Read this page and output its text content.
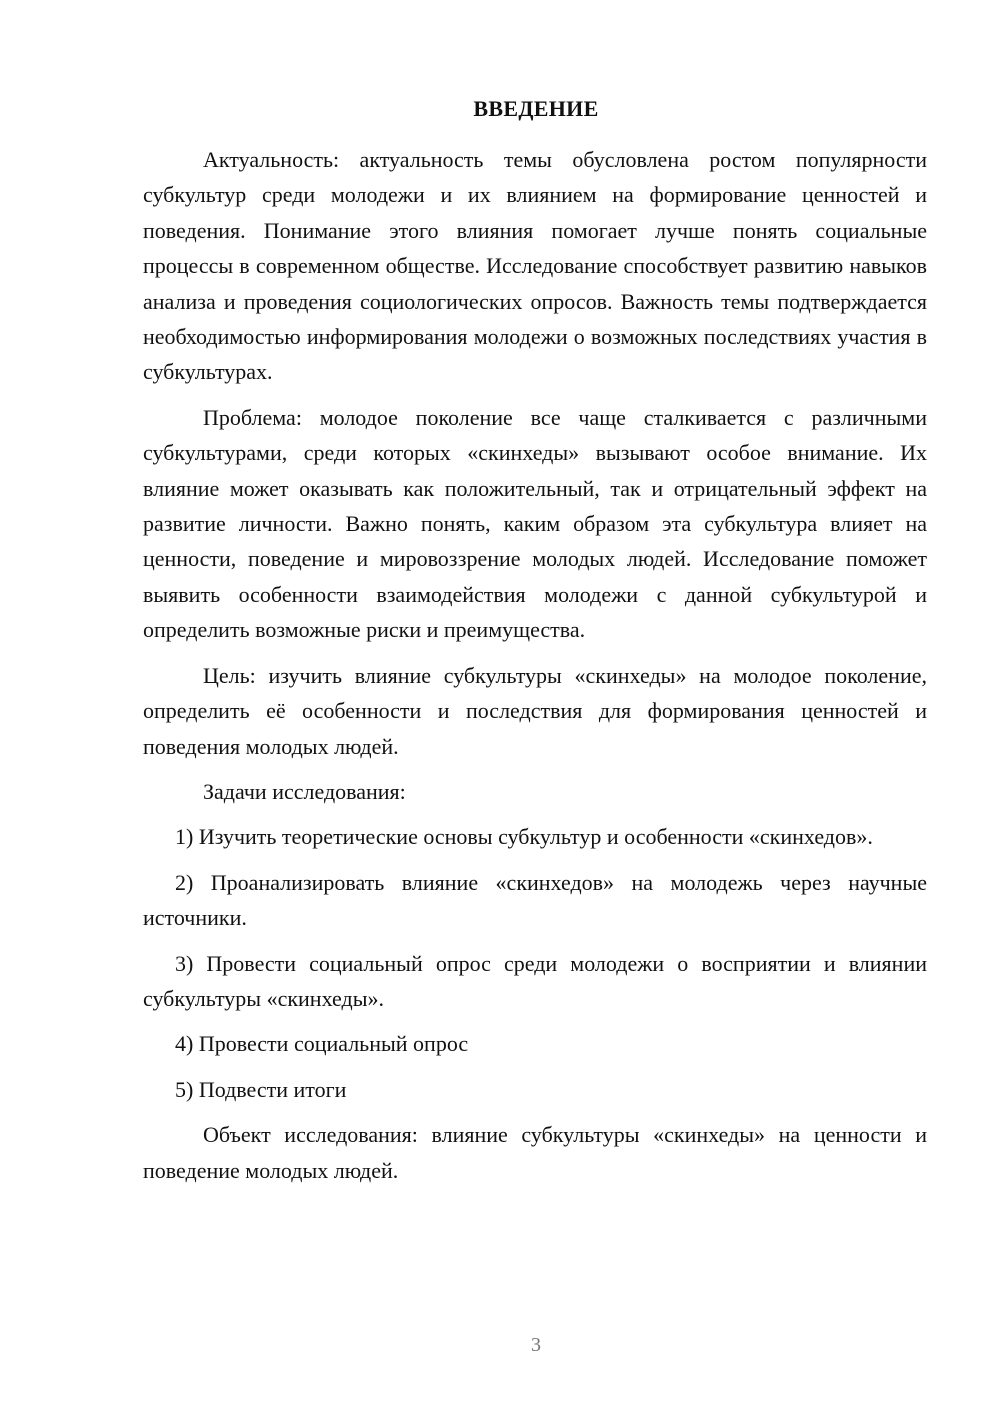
ВВЕДЕНИЕ

Актуальность: актуальность темы обусловлена ростом популярности субкультур среди молодежи и их влиянием на формирование ценностей и поведения. Понимание этого влияния помогает лучше понять социальные процессы в современном обществе. Исследование способствует развитию навыков анализа и проведения социологических опросов. Важность темы подтверждается необходимостью информирования молодежи о возможных последствиях участия в субкультурах.

Проблема: молодое поколение все чаще сталкивается с различными субкультурами, среди которых «скинхеды» вызывают особое внимание. Их влияние может оказывать как положительный, так и отрицательный эффект на развитие личности. Важно понять, каким образом эта субкультура влияет на ценности, поведение и мировоззрение молодых людей. Исследование поможет выявить особенности взаимодействия молодежи с данной субкультурой и определить возможные риски и преимущества.

Цель: изучить влияние субкультуры «скинхеды» на молодое поколение, определить её особенности и последствия для формирования ценностей и поведения молодых людей.

Задачи исследования:

1) Изучить теоретические основы субкультур и особенности «скинхедов».

2) Проанализировать влияние «скинхедов» на молодежь через научные источники.

3) Провести социальный опрос среди молодежи о восприятии и влиянии субкультуры «скинхеды».

4) Провести социальный опрос

5) Подвести итоги

Объект исследования: влияние субкультуры «скинхеды» на ценности и поведение молодых людей.

3
